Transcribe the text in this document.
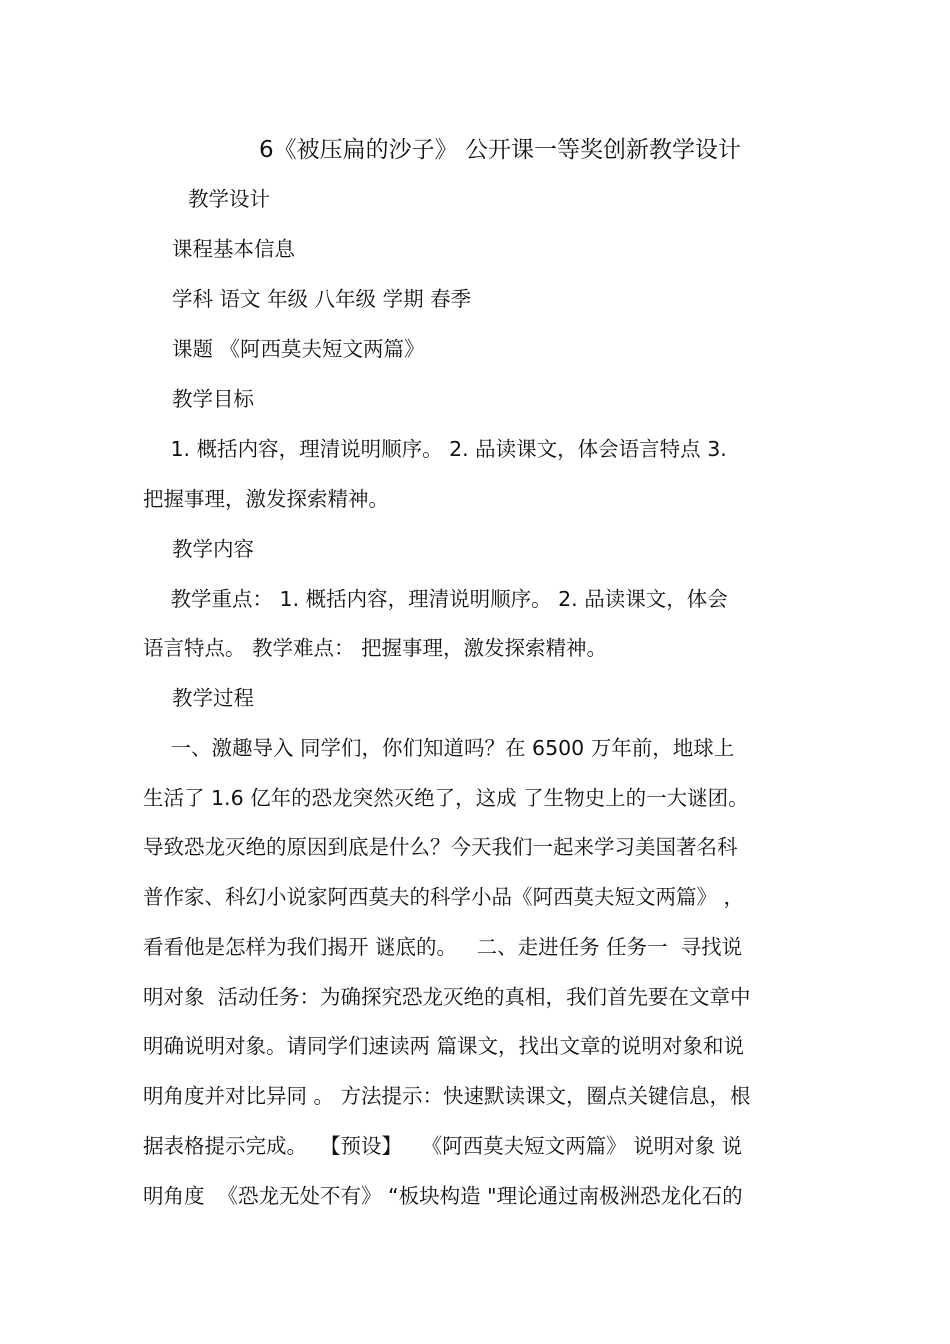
6《被压扁的沙子》 公开课一等奖创新教学设计
教学设计
课程基本信息
学科 语文 年级 八年级 学期 春季
课题 《阿西莫夫短文两篇》
教学目标
1. 概括内容，理清说明顺序。 2. 品读课文，体会语言特点 3.
把握事理，激发探索精神。
教学内容
教学重点： 1. 概括内容，理清说明顺序。 2. 品读课文，体会
语言特点。 教学难点： 把握事理，激发探索精神。
教学过程
一、激趣导入 同学们，你们知道吗？在 6500 万年前，地球上
生活了 1.6 亿年的恐龙突然灭绝了，这成 了生物史上的一大谜团。
导致恐龙灭绝的原因到底是什么？今天我们一起来学习美国著名科
普作家、科幻小说家阿西莫夫的科学小品《阿西莫夫短文两篇》 ，
看看他是怎样为我们揭开 谜底的。   二、走进任务 任务一  寻找说
明对象  活动任务：为确探究恐龙灭绝的真相，我们首先要在文章中
明确说明对象。请同学们速读两 篇课文，找出文章的说明对象和说
明角度并对比异同 。 方法提示：快速默读课文，圈点关键信息，根
据表格提示完成。  【预设】   《阿西莫夫短文两篇》 说明对象 说
明角度  《恐龙无处不有》 “板块构造 "理论通过南极洲恐龙化石的
